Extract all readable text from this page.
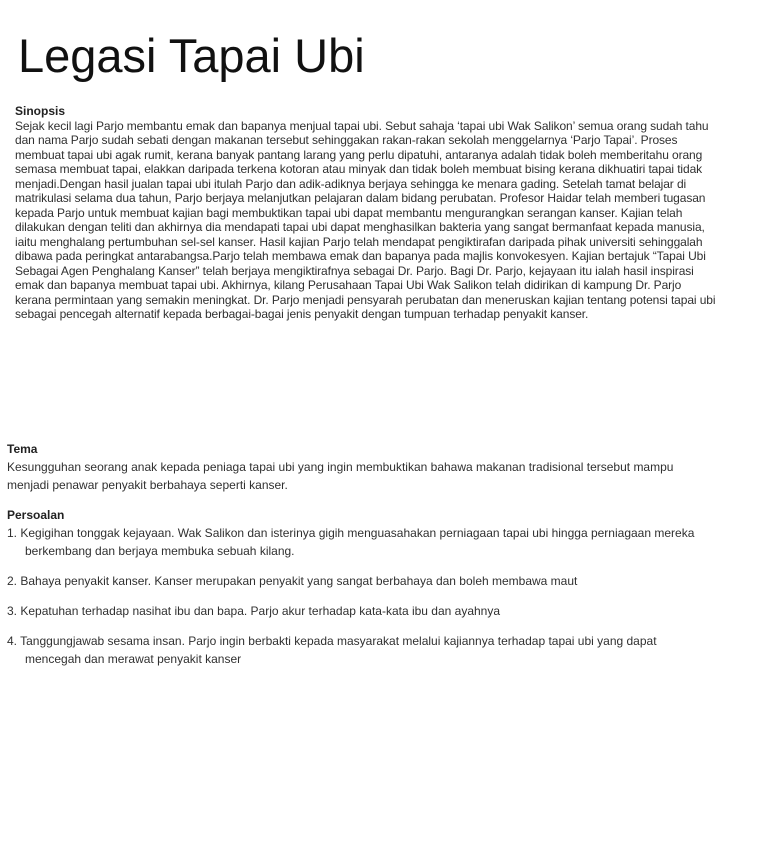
Legasi Tapai Ubi
Sinopsis
Sejak kecil lagi Parjo membantu emak dan bapanya menjual tapai ubi. Sebut sahaja ‘tapai ubi Wak Salikon’ semua orang sudah tahu dan nama Parjo sudah sebati dengan makanan tersebut sehinggakan rakan-rakan sekolah menggelarnya ‘Parjo Tapai’. Proses membuat tapai ubi agak rumit, kerana banyak pantang larang yang perlu dipatuhi, antaranya adalah tidak boleh memberitahu orang semasa membuat tapai, elakkan daripada terkena kotoran atau minyak dan tidak boleh membuat bising kerana dikhuatiri tapai tidak menjadi.Dengan hasil jualan tapai ubi itulah Parjo dan adik-adiknya berjaya sehingga ke menara gading. Setelah tamat belajar di matrikulasi selama dua tahun, Parjo berjaya melanjutkan pelajaran dalam bidang perubatan. Profesor Haidar telah memberi tugasan kepada Parjo untuk membuat kajian bagi membuktikan tapai ubi dapat membantu mengurangkan serangan kanser. Kajian telah dilakukan dengan teliti dan akhirnya dia mendapati tapai ubi dapat menghasilkan bakteria yang sangat bermanfaat kepada manusia, iaitu menghalang pertumbuhan sel-sel kanser. Hasil kajian Parjo telah mendapat pengiktirafan daripada pihak universiti sehinggalah dibawa pada peringkat antarabangsa.Parjo telah membawa emak dan bapanya pada majlis konvokesyen. Kajian bertajuk “Tapai Ubi Sebagai Agen Penghalang Kanser” telah berjaya mengiktirafnya sebagai Dr. Parjo. Bagi Dr. Parjo, kejayaan itu ialah hasil inspirasi emak dan bapanya membuat tapai ubi. Akhirnya, kilang Perusahaan Tapai Ubi Wak Salikon telah didirikan di kampung Dr. Parjo kerana permintaan yang semakin meningkat. Dr. Parjo menjadi pensyarah perubatan dan meneruskan kajian tentang potensi tapai ubi sebagai pencegah alternatif kepada berbagai-bagai jenis penyakit dengan tumpuan terhadap penyakit kanser.
Tema
Kesungguhan seorang anak kepada peniaga tapai ubi yang ingin membuktikan bahawa makanan tradisional tersebut mampu menjadi penawar penyakit berbahaya seperti kanser.
Persoalan
1. Kegigihan tonggak kejayaan. Wak Salikon dan isterinya gigih menguasahakan perniagaan tapai ubi hingga perniagaan mereka berkembang dan berjaya membuka sebuah kilang.
2. Bahaya penyakit kanser. Kanser merupakan penyakit yang sangat berbahaya dan boleh membawa maut
3. Kepatuhan terhadap nasihat ibu dan bapa. Parjo akur terhadap kata-kata ibu dan ayahnya
4. Tanggungjawab sesama insan. Parjo ingin berbakti kepada masyarakat melalui kajiannya terhadap tapai ubi yang dapat mencegah dan merawat penyakit kanser
